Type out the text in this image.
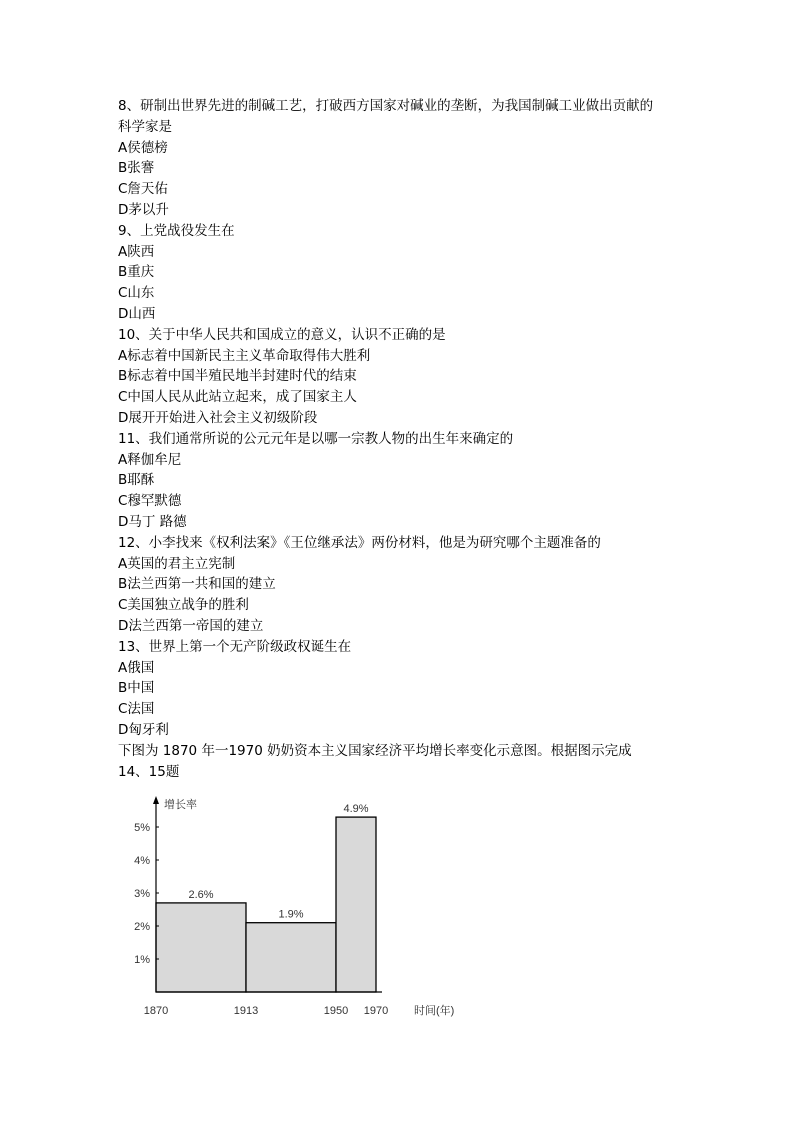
8、研制出世界先进的制碱工艺，打破西方国家对碱业的垄断，为我国制碱工业做出贡献的
科学家是
A侯德榜
B张謇
C詹天佑
D茅以升
9、上党战役发生在
A陕西
B重庆
C山东
D山西
10、关于中华人民共和国成立的意义，认识不正确的是
A标志着中国新民主主义革命取得伟大胜利
B标志着中国半殖民地半封建时代的结束
C中国人民从此站立起来，成了国家主人
D展开开始进入社会主义初级阶段
11、我们通常所说的公元元年是以哪一宗教人物的出生年来确定的
A释伽牟尼
B耶酥
C穆罕默德
D马丁 路德
12、小李找来《权利法案》《王位继承法》两份材料，他是为研究哪个主题准备的
A英国的君主立宪制
B法兰西第一共和国的建立
C美国独立战争的胜利
D法兰西第一帝国的建立
13、世界上第一个无产阶级政权诞生在
A俄国
B中国
C法国
D匈牙利
下图为 1870 年一1970 奶奶资本主义国家经济平均增长率变化示意图。根据图示完成
14、15题
2.6%
1.9%
4.9%
1%
2%
3%
4%
5%
1870	1913	1950 1970
增长率
时间(年)
